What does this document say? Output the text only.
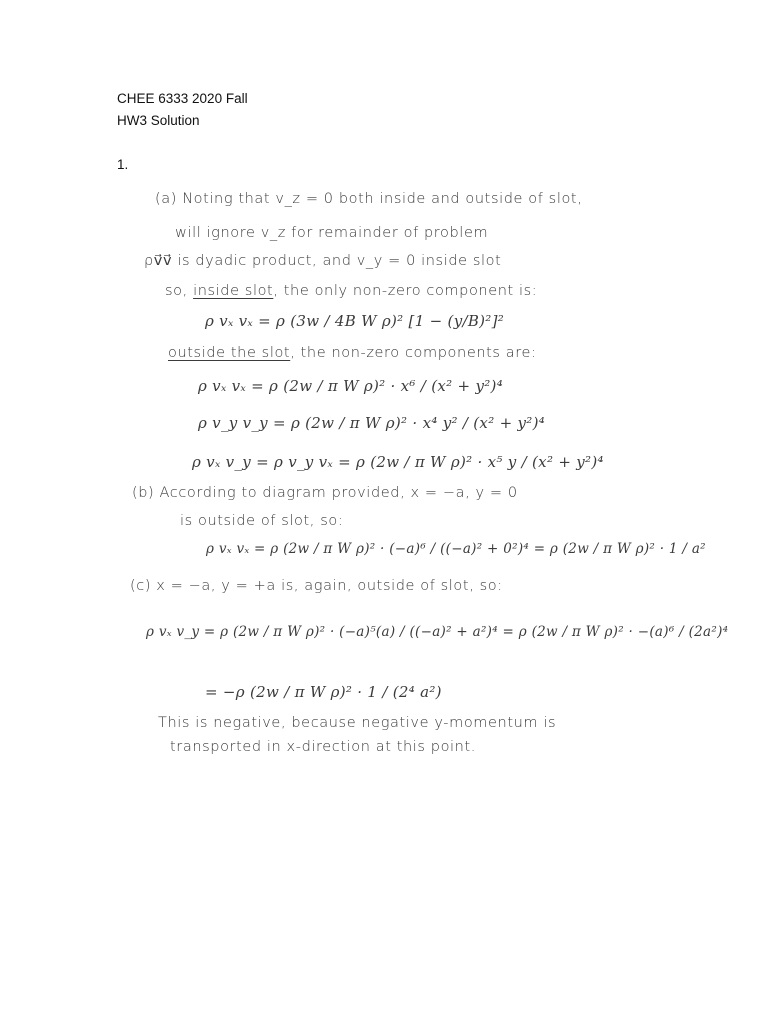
CHEE 6333 2020 Fall
HW3 Solution
1.
(a) Noting that v_z = 0 both inside and outside of slot,
will ignore v_z for remainder of problem
ρv⃗v⃗ is dyadic product, and v_y = 0 inside slot
so, inside slot, the only non-zero component is:
ρ vₓ vₓ = ρ (3w / 4B W ρ)² [1 − (y/B)²]²
outside the slot, the non-zero components are:
ρ vₓ vₓ = ρ (2w / π W ρ)² · x⁶ / (x² + y²)⁴
ρ v_y v_y = ρ (2w / π W ρ)² · x⁴ y² / (x² + y²)⁴
ρ vₓ v_y = ρ v_y vₓ = ρ (2w / π W ρ)² · x⁵ y / (x² + y²)⁴
(b) According to diagram provided, x = −a, y = 0
is outside of slot, so:
ρ vₓ vₓ = ρ (2w / π W ρ)² · (−a)⁶ / ((−a)² + 0²)⁴ = ρ (2w / π W ρ)² · 1 / a²
(c) x = −a, y = +a is, again, outside of slot, so:
ρ vₓ v_y = ρ (2w / π W ρ)² · (−a)⁵(a) / ((−a)² + a²)⁴ = ρ (2w / π W ρ)² · −(a)⁶ / (2a²)⁴
= −ρ (2w / π W ρ)² · 1 / (2⁴ a²)
This is negative, because negative y-momentum is
transported in x-direction at this point.
